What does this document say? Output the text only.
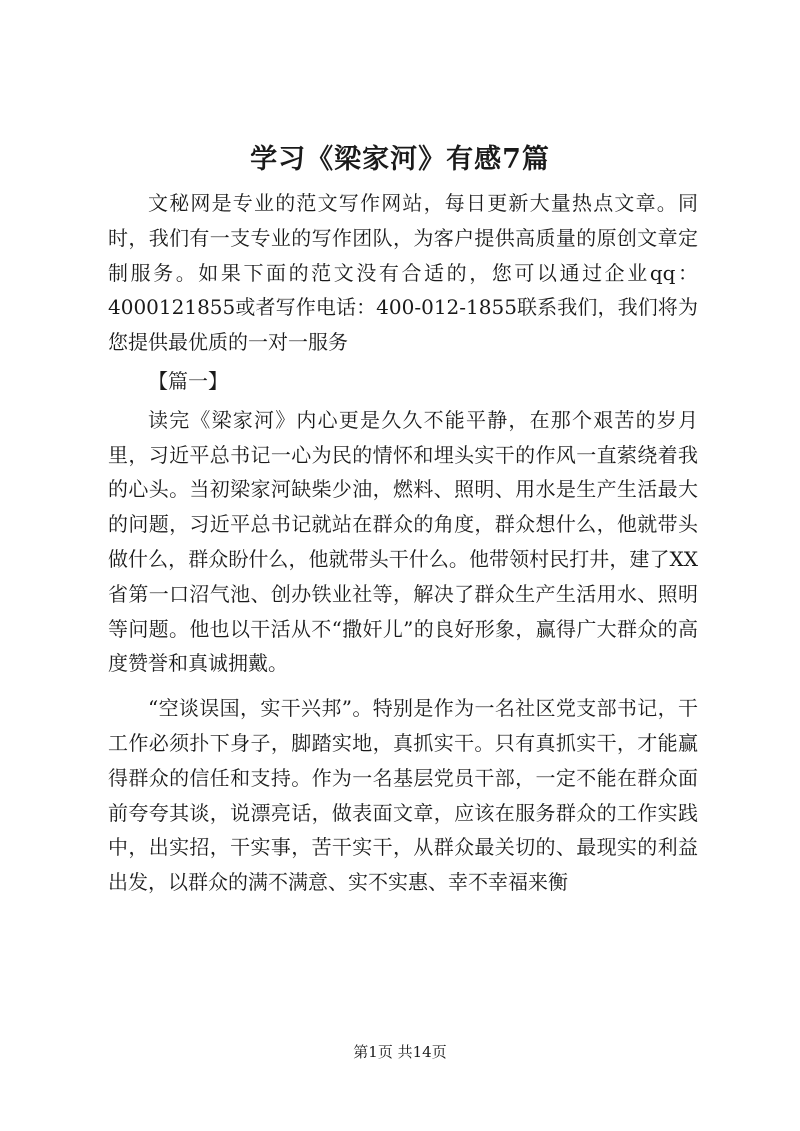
学习《梁家河》有感7篇

文秘网是专业的范文写作网站，每日更新大量热点文章。同时，我们有一支专业的写作团队，为客户提供高质量的原创文章定制服务。如果下面的范文没有合适的，您可以通过企业qq：4000121855或者写作电话：400-012-1855联系我们，我们将为您提供最优质的一对一服务

【篇一】

读完《梁家河》内心更是久久不能平静，在那个艰苦的岁月里，习近平总书记一心为民的情怀和埋头实干的作风一直萦绕着我的心头。当初梁家河缺柴少油，燃料、照明、用水是生产生活最大的问题，习近平总书记就站在群众的角度，群众想什么，他就带头做什么，群众盼什么，他就带头干什么。他带领村民打井，建了XX省第一口沼气池、创办铁业社等，解决了群众生产生活用水、照明等问题。他也以干活从不“撒奸儿”的良好形象，赢得广大群众的高度赞誉和真诚拥戴。

“空谈误国，实干兴邦”。特别是作为一名社区党支部书记，干工作必须扑下身子，脚踏实地，真抓实干。只有真抓实干，才能赢得群众的信任和支持。作为一名基层党员干部，一定不能在群众面前夸夸其谈，说漂亮话，做表面文章，应该在服务群众的工作实践中，出实招，干实事，苦干实干，从群众最关切的、最现实的利益出发，以群众的满不满意、实不实惠、幸不幸福来衡

第1页 共14页
